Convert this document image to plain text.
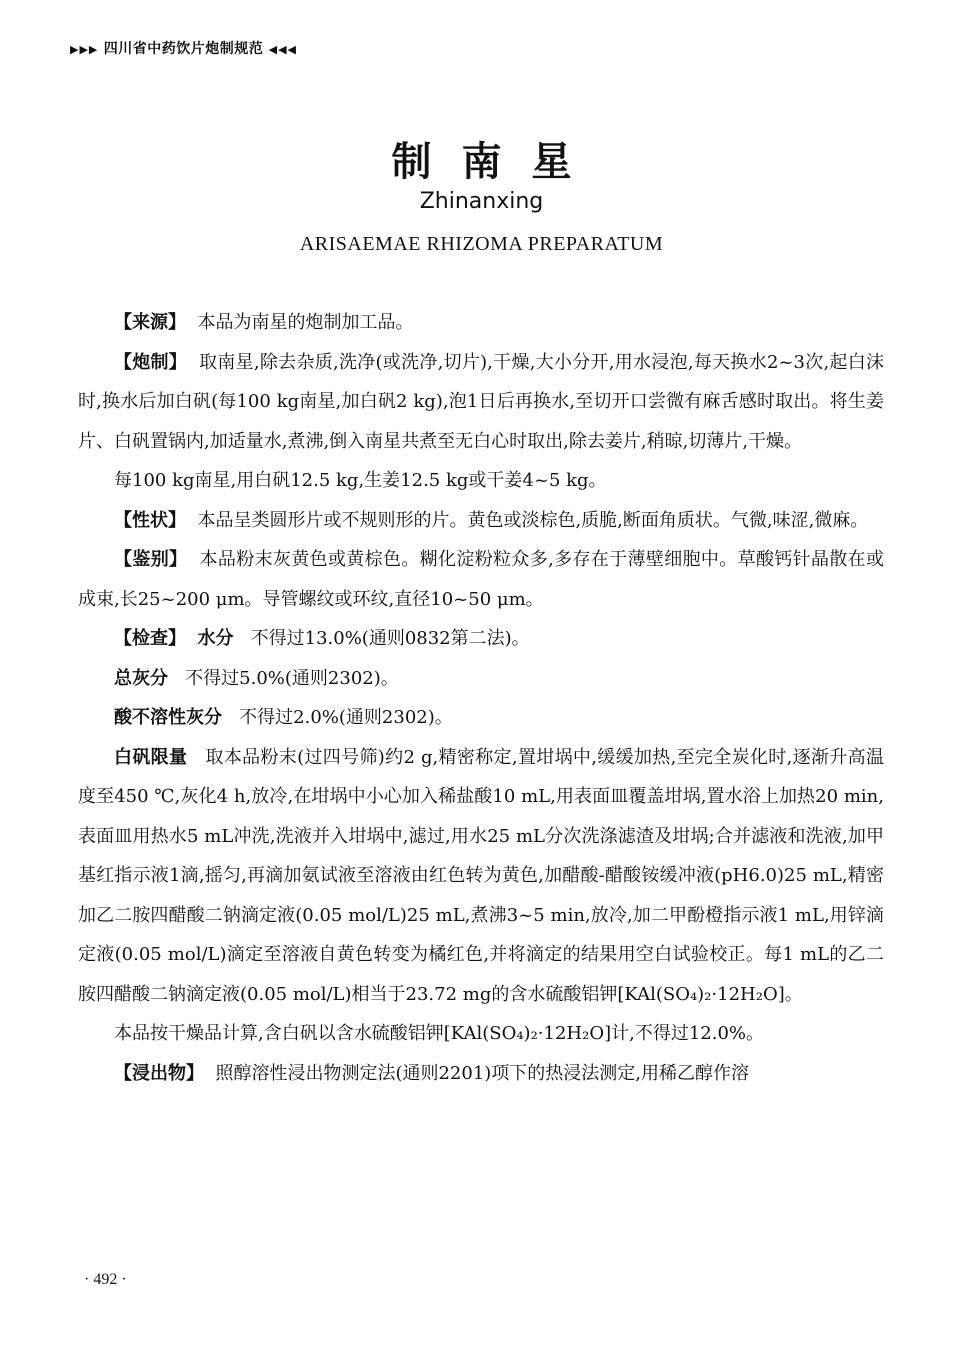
▶▶▶ 四川省中药饮片炮制规范 ◀◀◀
制南星
Zhinanxing
ARISAEMAE RHIZOMA PREPARATUM

【来源】 本品为南星的炮制加工品。

【炮制】 取南星,除去杂质,洗净(或洗净,切片),干燥,大小分开,用水浸泡,每天换水2~3次,起白沫时,换水后加白矾(每100 kg南星,加白矾2 kg),泡1日后再换水,至切开口尝微有麻舌感时取出。将生姜片、白矾置锅内,加适量水,煮沸,倒入南星共煮至无白心时取出,除去姜片,稍晾,切薄片,干燥。

每100 kg南星,用白矾12.5 kg,生姜12.5 kg或干姜4~5 kg。

【性状】 本品呈类圆形片或不规则形的片。黄色或淡棕色,质脆,断面角质状。气微,味涩,微麻。

【鉴别】 本品粉末灰黄色或黄棕色。糊化淀粉粒众多,多存在于薄壁细胞中。草酸钙针晶散在或成束,长25~200 μm。导管螺纹或环纹,直径10~50 μm。

【检查】 水分 不得过13.0%(通则0832第二法)。

总灰分 不得过5.0%(通则2302)。

酸不溶性灰分 不得过2.0%(通则2302)。

白矾限量 取本品粉末(过四号筛)约2 g,精密称定,置坩埚中,缓缓加热,至完全炭化时,逐渐升高温度至450 ℃,灰化4 h,放冷,在坩埚中小心加入稀盐酸10 mL,用表面皿覆盖坩埚,置水浴上加热20 min,表面皿用热水5 mL冲洗,洗液并入坩埚中,滤过,用水25 mL分次洗涤滤渣及坩埚;合并滤液和洗液,加甲基红指示液1滴,摇匀,再滴加氨试液至溶液由红色转为黄色,加醋酸-醋酸铵缓冲液(pH6.0)25 mL,精密加乙二胺四醋酸二钠滴定液(0.05 mol/L)25 mL,煮沸3~5 min,放冷,加二甲酚橙指示液1 mL,用锌滴定液(0.05 mol/L)滴定至溶液自黄色转变为橘红色,并将滴定的结果用空白试验校正。每1 mL的乙二胺四醋酸二钠滴定液(0.05 mol/L)相当于23.72 mg的含水硫酸铝钾[KAl(SO₄)₂·12H₂O]。

本品按干燥品计算,含白矾以含水硫酸铝钾[KAl(SO₄)₂·12H₂O]计,不得过12.0%。

【浸出物】 照醇溶性浸出物测定法(通则2201)项下的热浸法测定,用稀乙醇作溶

· 492 ·
